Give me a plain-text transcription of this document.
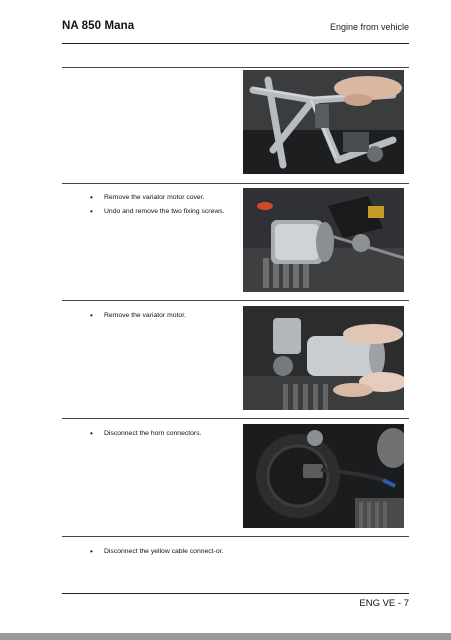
NA 850 Mana	Engine from vehicle
• Remove the variator motor cover.
• Undo and remove the two fixing screws.
• Remove the variator motor.
• Disconnect the horn connectors.
• Disconnect the yellow cable connect-or.
ENG VE - 7
